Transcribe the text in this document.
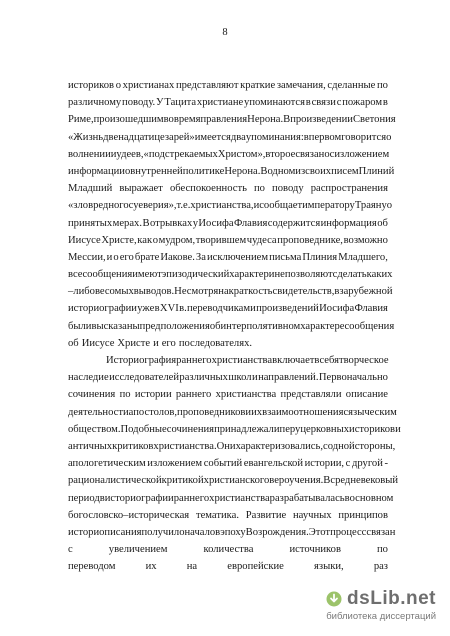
8
историков о христианах представляют краткие замечания, сделанные по
различному поводу. У Тацита христиане упоминаются в связи с пожаром в
Риме, произошедшим во время правления Нерона. В произведении Светония
«Жизнь двенадцати цезарей» имеется два упоминания: в первом говорится о
волнении иудеев, «подстрекаемых Христом», второе связано с изложением
информации о внутренней политике Нерона. В одном из своих писем Плиний
Младший выражает обеспокоенность по поводу распространения
«зловредного суеверия», т. е. христианства, и сообщает императору Траяну о
принятых мерах. В отрывках у Иосифа Флавия содержится информация об
Иисусе Христе, как о мудром, творившем чудеса проповеднике, возможно
Мессии, и о его брате Иакове. За исключением письма Плиния Младшего,
все сообщения имеют эпизодический характер и не позволяют сделать каких
– либо весомых выводов. Несмотря на краткость свидетельств, в зарубежной
историографии уже в XVI в. переводчиками произведений Иосифа Флавия
были высказаны предположения об интерполятивном характере сообщения
об Иисусе Христе и его последователях.
Историография раннего христианства включает в себя творческое
наследие исследователей различных школ и направлений. Первоначально
сочинения по истории раннего христианства представляли описание
деятельности апостолов, проповедников и их взаимоотношения с языческим
обществом. Подобные сочинения принадлежали перу церковных историков и
античных критиков христианства. Они характеризовались, с одной стороны,
апологетическим изложением событий евангельской истории, с другой -
рационалистической критикой христианского вероучения. В средневековый
период в историографии раннего христианства разрабатывалась в основном
богословско–историческая тематика. Развитие научных принципов
историописания получило начало в эпоху Возрождения. Этот процесс связан
с	увеличением	количества	источников	по
переводом	их	на	европейские	языки,	раз
dsLib.net
библиотека диссертаций
